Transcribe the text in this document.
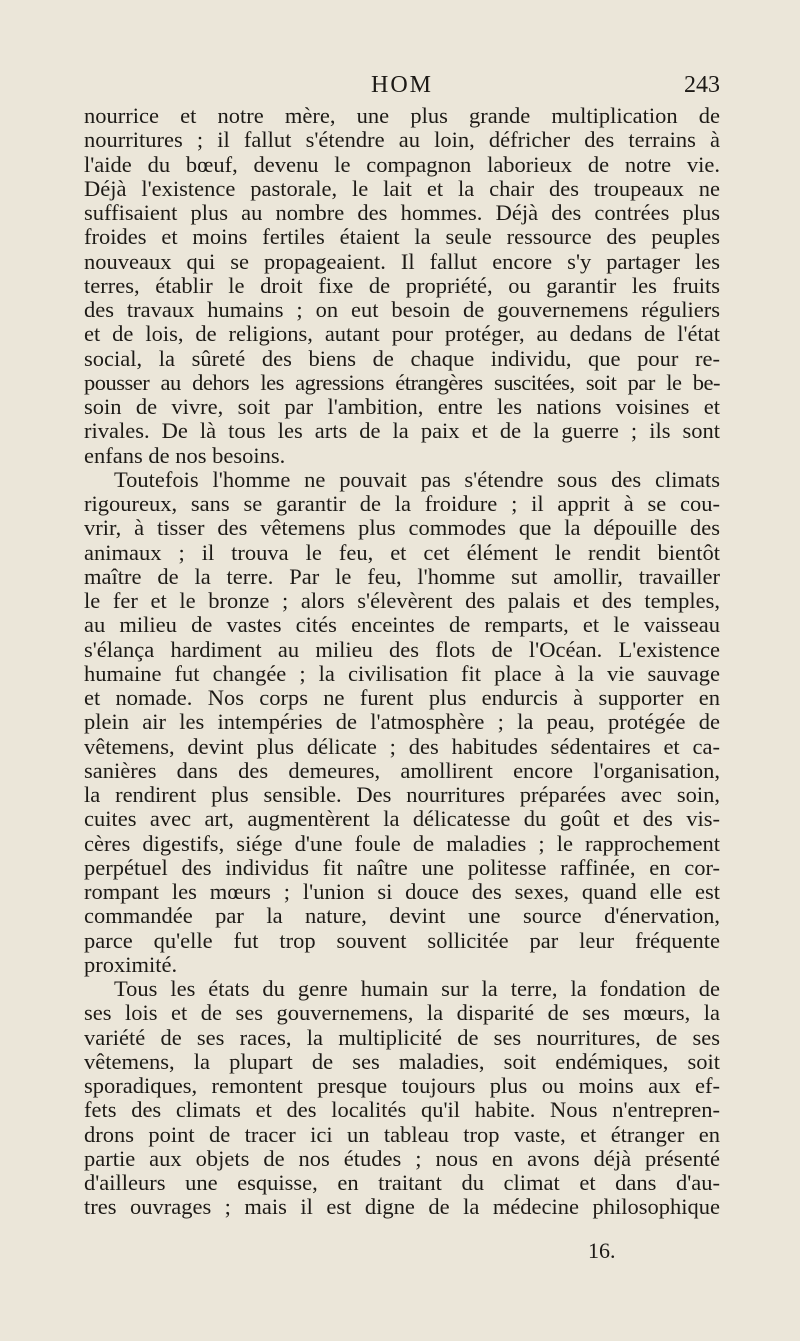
HOM	243
nourrice et notre mère, une plus grande multiplication de
nourritures ; il fallut s'étendre au loin, défricher des terrains à
l'aide du bœuf, devenu le compagnon laborieux de notre vie.
Déjà l'existence pastorale, le lait et la chair des troupeaux ne
suffisaient plus au nombre des hommes. Déjà des contrées plus
froides et moins fertiles étaient la seule ressource des peuples
nouveaux qui se propageaient. Il fallut encore s'y partager les
terres, établir le droit fixe de propriété, ou garantir les fruits
des travaux humains ; on eut besoin de gouvernemens réguliers
et de lois, de religions, autant pour protéger, au dedans de l'état
social, la sûreté des biens de chaque individu, que pour re-
pousser au dehors les agressions étrangères suscitées, soit par le be-
soin de vivre, soit par l'ambition, entre les nations voisines et
rivales. De là tous les arts de la paix et de la guerre ; ils sont
enfans de nos besoins.
Toutefois l'homme ne pouvait pas s'étendre sous des climats
rigoureux, sans se garantir de la froidure ; il apprit à se cou-
vrir, à tisser des vêtemens plus commodes que la dépouille des
animaux ; il trouva le feu, et cet élément le rendit bientôt
maître de la terre. Par le feu, l'homme sut amollir, travailler
le fer et le bronze ; alors s'élevèrent des palais et des temples,
au milieu de vastes cités enceintes de remparts, et le vaisseau
s'élança hardiment au milieu des flots de l'Océan. L'existence
humaine fut changée ; la civilisation fit place à la vie sauvage
et nomade. Nos corps ne furent plus endurcis à supporter en
plein air les intempéries de l'atmosphère ; la peau, protégée de
vêtemens, devint plus délicate ; des habitudes sédentaires et ca-
sanières dans des demeures, amollirent encore l'organisation,
la rendirent plus sensible. Des nourritures préparées avec soin,
cuites avec art, augmentèrent la délicatesse du goût et des vis-
cères digestifs, siége d'une foule de maladies ; le rapprochement
perpétuel des individus fit naître une politesse raffinée, en cor-
rompant les mœurs ; l'union si douce des sexes, quand elle est
commandée par la nature, devint une source d'énervation,
parce qu'elle fut trop souvent sollicitée par leur fréquente
proximité.
Tous les états du genre humain sur la terre, la fondation de
ses lois et de ses gouvernemens, la disparité de ses mœurs, la
variété de ses races, la multiplicité de ses nourritures, de ses
vêtemens, la plupart de ses maladies, soit endémiques, soit
sporadiques, remontent presque toujours plus ou moins aux ef-
fets des climats et des localités qu'il habite. Nous n'entrepren-
drons point de tracer ici un tableau trop vaste, et étranger en
partie aux objets de nos études ; nous en avons déjà présenté
d'ailleurs une esquisse, en traitant du climat et dans d'au-
tres ouvrages ; mais il est digne de la médecine philosophique
16.
